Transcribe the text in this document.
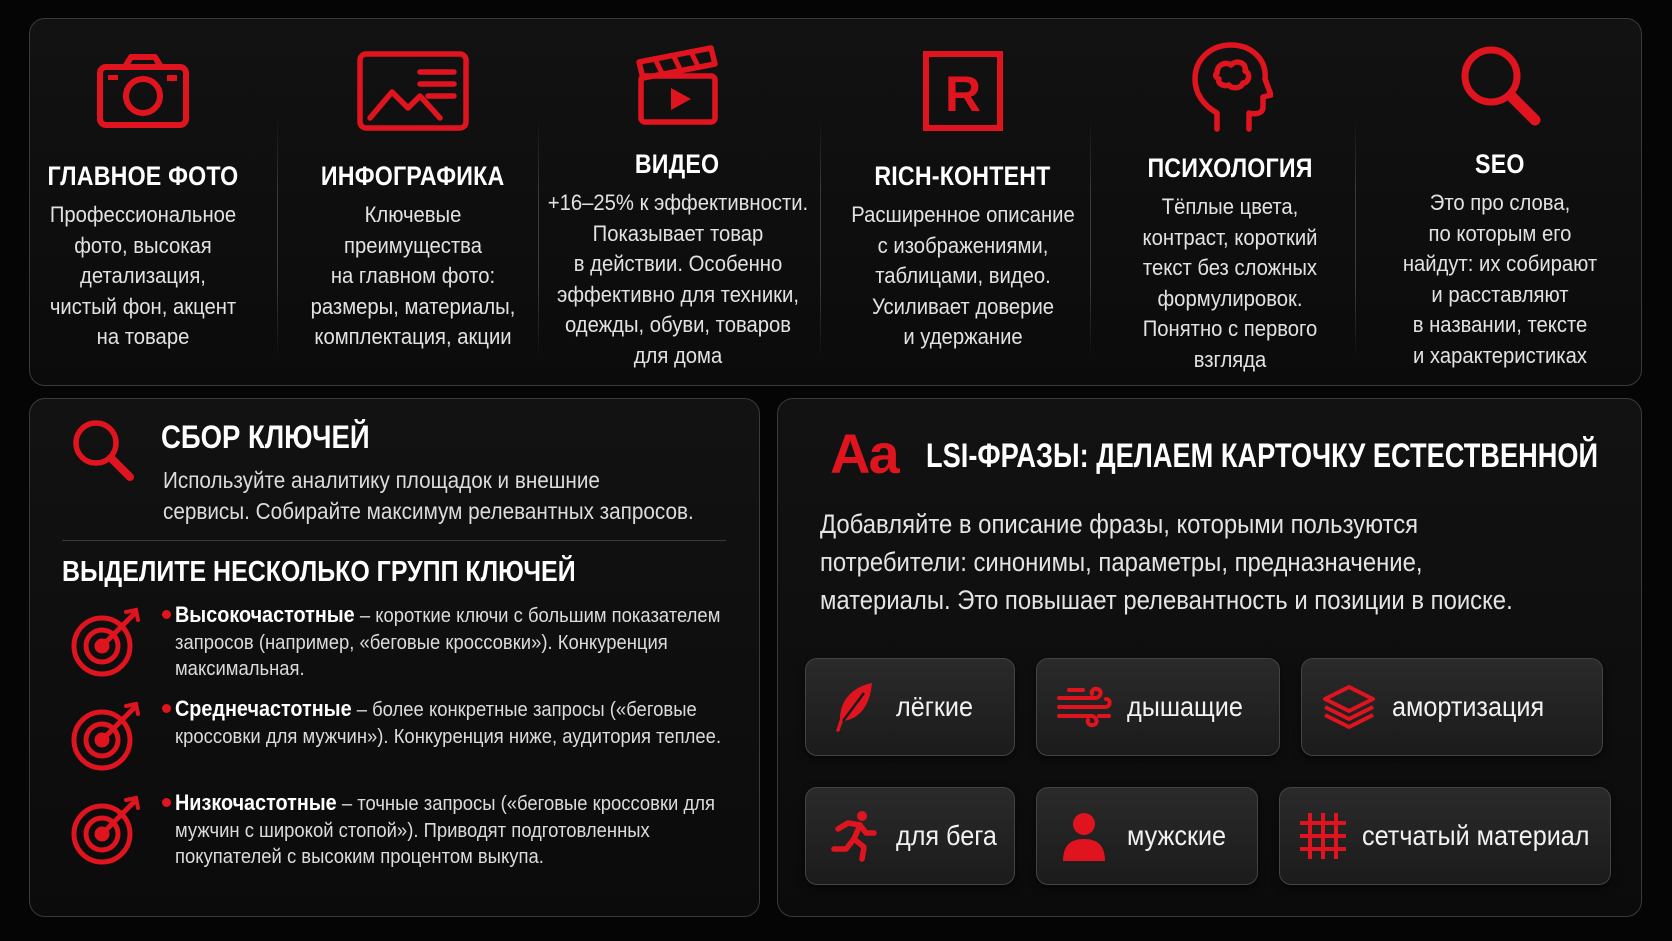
ГЛАВНОЕ ФОТО
Профессиональное
фото, высокая
детализация,
чистый фон, акцент
на товаре
ИНФОГРАФИКА
Ключевые
преимущества
на главном фото:
размеры, материалы,
комплектация, акции
ВИДЕО
+16–25% к эффективности.
Показывает товар
в действии. Особенно
эффективно для техники,
одежды, обуви, товаров
для дома
R
RICH-КОНТЕНТ
Расширенное описание
с изображениями,
таблицами, видео.
Усиливает доверие
и удержание
ПСИХОЛОГИЯ
Тёплые цвета,
контраст, короткий
текст без сложных
формулировок.
Понятно с первого
взгляда
SEO
Это про слова,
по которым его
найдут: их собирают
и расставляют
в названии, тексте
и характеристиках
СБОР КЛЮЧЕЙ
Используйте аналитику площадок и внешние
сервисы. Собирайте максимум релевантных запросов.
ВЫДЕЛИТЕ НЕСКОЛЬКО ГРУПП КЛЮЧЕЙ
Высокочастотные – короткие ключи с большим показателем запросов (например, «беговые кроссовки»). Конкуренция максимальная.
Среднечастотные – более конкретные запросы («беговые кроссовки для мужчин»). Конкуренция ниже, аудитория теплее.
Низкочастотные – точные запросы («беговые кроссовки для мужчин с широкой стопой»). Приводят подготовленных покупателей с высоким процентом выкупа.
Aa LSI-ФРАЗЫ: ДЕЛАЕМ КАРТОЧКУ ЕСТЕСТВЕННОЙ
Добавляйте в описание фразы, которыми пользуются
потребители: синонимы, параметры, предназначение,
материалы. Это повышает релевантность и позиции в поиске.
лёгкие	дышащие	амортизация
для бега	мужские	сетчатый материал
